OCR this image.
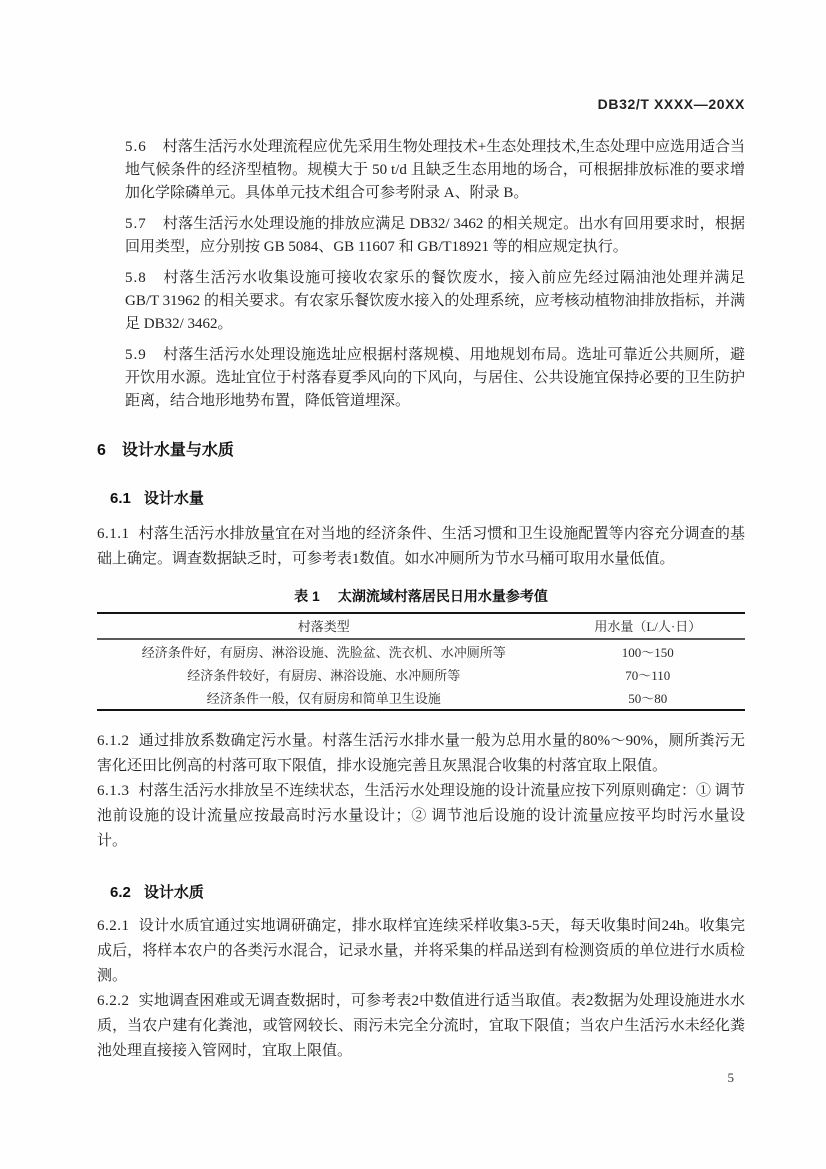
DB32/T XXXX—20XX

5.6 村落生活污水处理流程应优先采用生物处理技术+生态处理技术,生态处理中应选用适合当地气候条件的经济型植物。规模大于 50 t/d 且缺乏生态用地的场合，可根据排放标准的要求增加化学除磷单元。具体单元技术组合可参考附录 A、附录 B。

5.7 村落生活污水处理设施的排放应满足 DB32/ 3462 的相关规定。出水有回用要求时，根据回用类型，应分别按 GB 5084、GB 11607 和 GB/T18921 等的相应规定执行。

5.8 村落生活污水收集设施可接收农家乐的餐饮废水，接入前应先经过隔油池处理并满足 GB/T 31962 的相关要求。有农家乐餐饮废水接入的处理系统，应考核动植物油排放指标，并满足 DB32/ 3462。

5.9 村落生活污水处理设施选址应根据村落规模、用地规划布局。选址可靠近公共厕所，避开饮用水源。选址宜位于村落春夏季风向的下风向，与居住、公共设施宜保持必要的卫生防护距离，结合地形地势布置，降低管道埋深。

6 设计水量与水质
6.1 设计水量

6.1.1 村落生活污水排放量宜在对当地的经济条件、生活习惯和卫生设施配置等内容充分调查的基础上确定。调查数据缺乏时，可参考表1数值。如水冲厕所为节水马桶可取用水量低值。

表 1 太湖流域村落居民日用水量参考值
村落类型	用水量（L/人·日）
经济条件好，有厨房、淋浴设施、洗脸盆、洗衣机、水冲厕所等	100～150
经济条件较好，有厨房、淋浴设施、水冲厕所等	70～110
经济条件一般，仅有厨房和简单卫生设施	50～80

6.1.2 通过排放系数确定污水量。村落生活污水排水量一般为总用水量的80%～90%，厕所粪污无害化还田比例高的村落可取下限值，排水设施完善且灰黑混合收集的村落宜取上限值。

6.1.3 村落生活污水排放呈不连续状态，生活污水处理设施的设计流量应按下列原则确定：① 调节池前设施的设计流量应按最高时污水量设计；② 调节池后设施的设计流量应按平均时污水量设计。

6.2 设计水质

6.2.1 设计水质宜通过实地调研确定，排水取样宜连续采样收集3-5天，每天收集时间24h。收集完成后，将样本农户的各类污水混合，记录水量，并将采集的样品送到有检测资质的单位进行水质检测。

6.2.2 实地调查困难或无调查数据时，可参考表2中数值进行适当取值。表2数据为处理设施进水水质，当农户建有化粪池，或管网较长、雨污未完全分流时，宜取下限值；当农户生活污水未经化粪池处理直接接入管网时，宜取上限值。

5
